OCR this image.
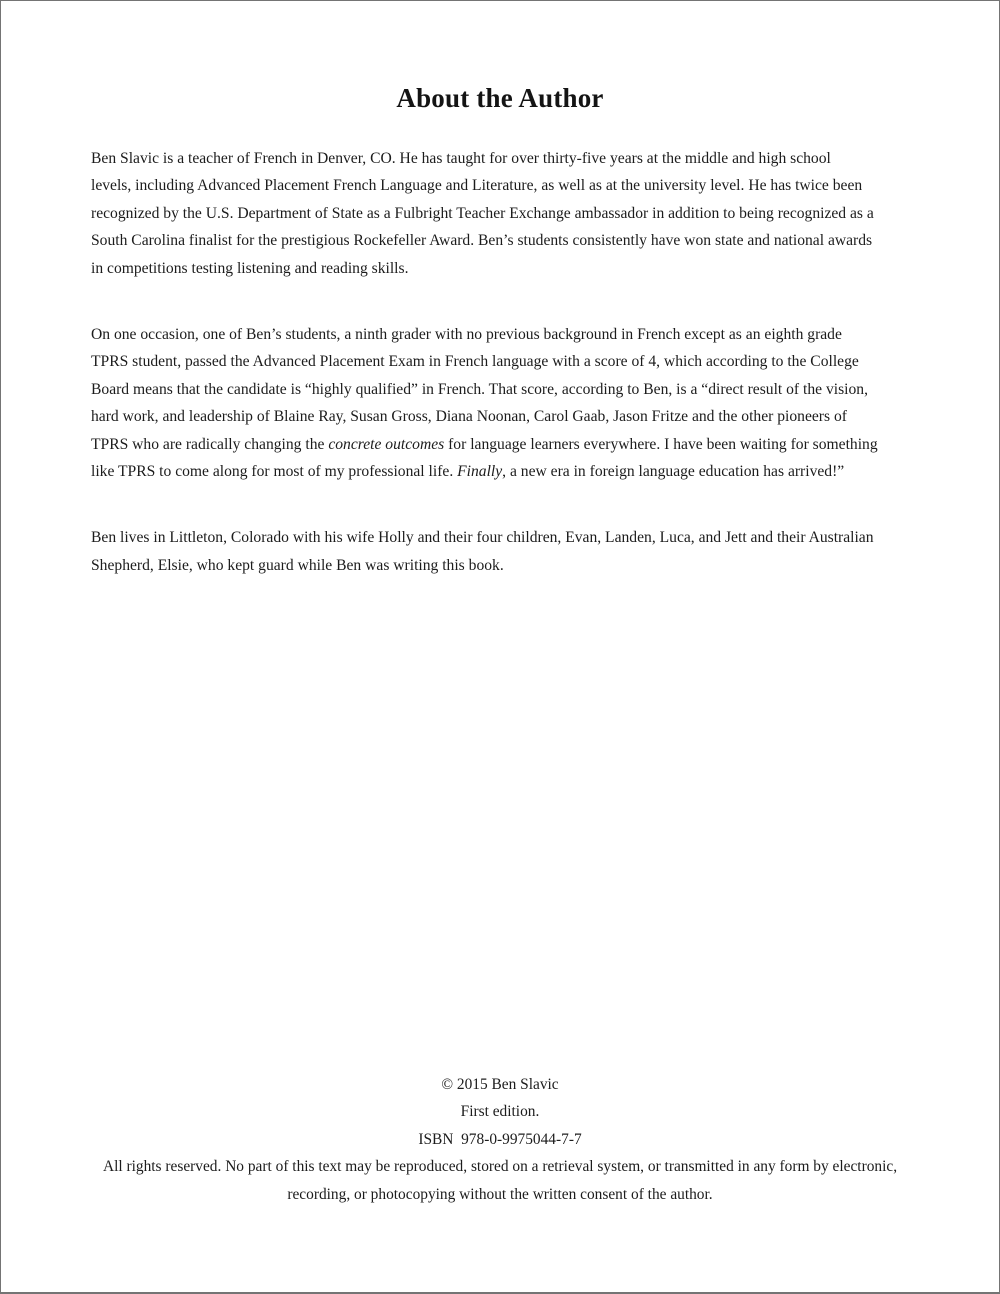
About the Author

Ben Slavic is a teacher of French in Denver, CO. He has taught for over thirty-five years at the middle and high school
levels, including Advanced Placement French Language and Literature, as well as at the university level. He has twice been
recognized by the U.S. Department of State as a Fulbright Teacher Exchange ambassador in addition to being recognized as a
South Carolina finalist for the prestigious Rockefeller Award. Ben’s students consistently have won state and national awards
in competitions testing listening and reading skills.

On one occasion, one of Ben’s students, a ninth grader with no previous background in French except as an eighth grade
TPRS student, passed the Advanced Placement Exam in French language with a score of 4, which according to the College
Board means that the candidate is “highly qualified” in French. That score, according to Ben, is a “direct result of the vision,
hard work, and leadership of Blaine Ray, Susan Gross, Diana Noonan, Carol Gaab, Jason Fritze and the other pioneers of
TPRS who are radically changing the concrete outcomes for language learners everywhere. I have been waiting for something
like TPRS to come along for most of my professional life. Finally, a new era in foreign language education has arrived!”

Ben lives in Littleton, Colorado with his wife Holly and their four children, Evan, Landen, Luca, and Jett and their Australian
Shepherd, Elsie, who kept guard while Ben was writing this book.

© 2015 Ben Slavic
First edition.
ISBN  978-0-9975044-7-7
All rights reserved. No part of this text may be reproduced, stored on a retrieval system, or transmitted in any form by electronic,
recording, or photocopying without the written consent of the author.
